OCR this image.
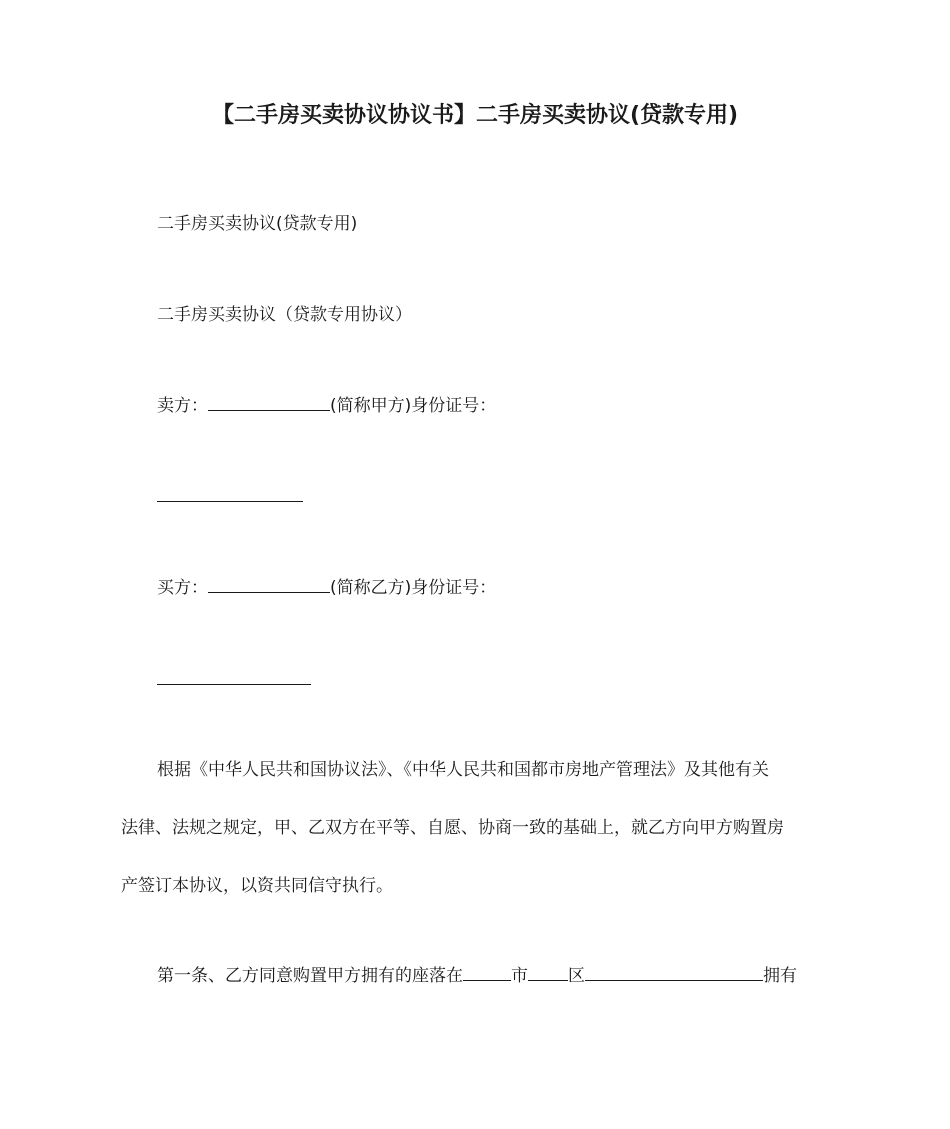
【二手房买卖协议协议书】二手房买卖协议(贷款专用)
二手房买卖协议(贷款专用)
二手房买卖协议（贷款专用协议）
卖方：	(简称甲方)身份证号：
买方：	(简称乙方)身份证号：
根据《中华人民共和国协议法》、《中华人民共和国都市房地产管理法》及其他有关
法律、法规之规定，甲、乙双方在平等、自愿、协商一致的基础上，就乙方向甲方购置房
产签订本协议，以资共同信守执行。
第一条、乙方同意购置甲方拥有的座落在	市 区	拥有
